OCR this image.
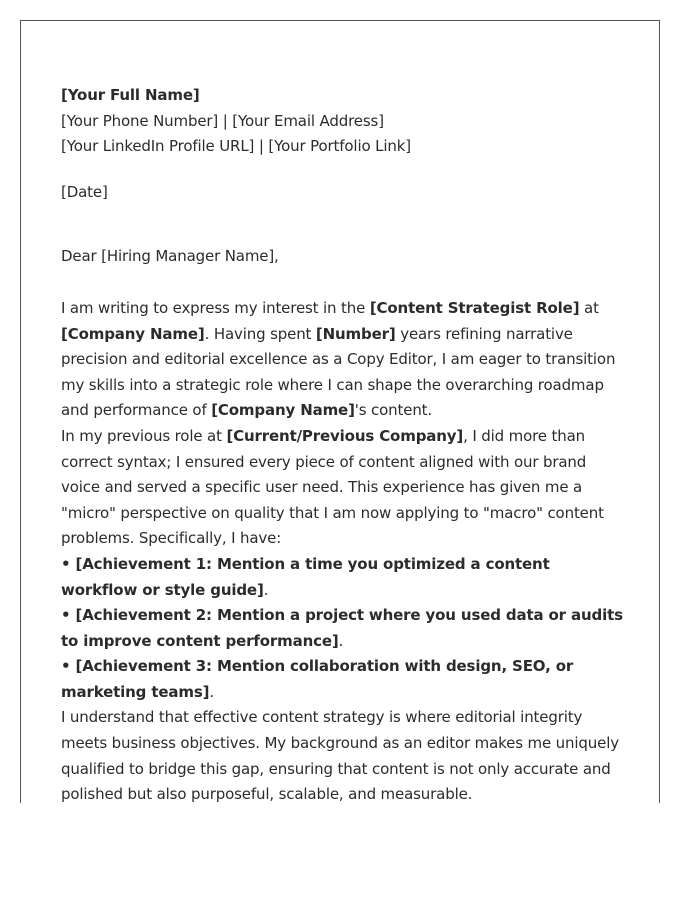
[Your Full Name]
[Your Phone Number] | [Your Email Address]
[Your LinkedIn Profile URL] | [Your Portfolio Link]
[Date]
Dear [Hiring Manager Name],
I am writing to express my interest in the [Content Strategist Role] at [Company Name]. Having spent [Number] years refining narrative precision and editorial excellence as a Copy Editor, I am eager to transition my skills into a strategic role where I can shape the overarching roadmap and performance of [Company Name]'s content.
In my previous role at [Current/Previous Company], I did more than correct syntax; I ensured every piece of content aligned with our brand voice and served a specific user need. This experience has given me a "micro" perspective on quality that I am now applying to "macro" content problems. Specifically, I have:
• [Achievement 1: Mention a time you optimized a content workflow or style guide].
• [Achievement 2: Mention a project where you used data or audits to improve content performance].
• [Achievement 3: Mention collaboration with design, SEO, or marketing teams].
I understand that effective content strategy is where editorial integrity meets business objectives. My background as an editor makes me uniquely qualified to bridge this gap, ensuring that content is not only accurate and polished but also purposeful, scalable, and measurable.
